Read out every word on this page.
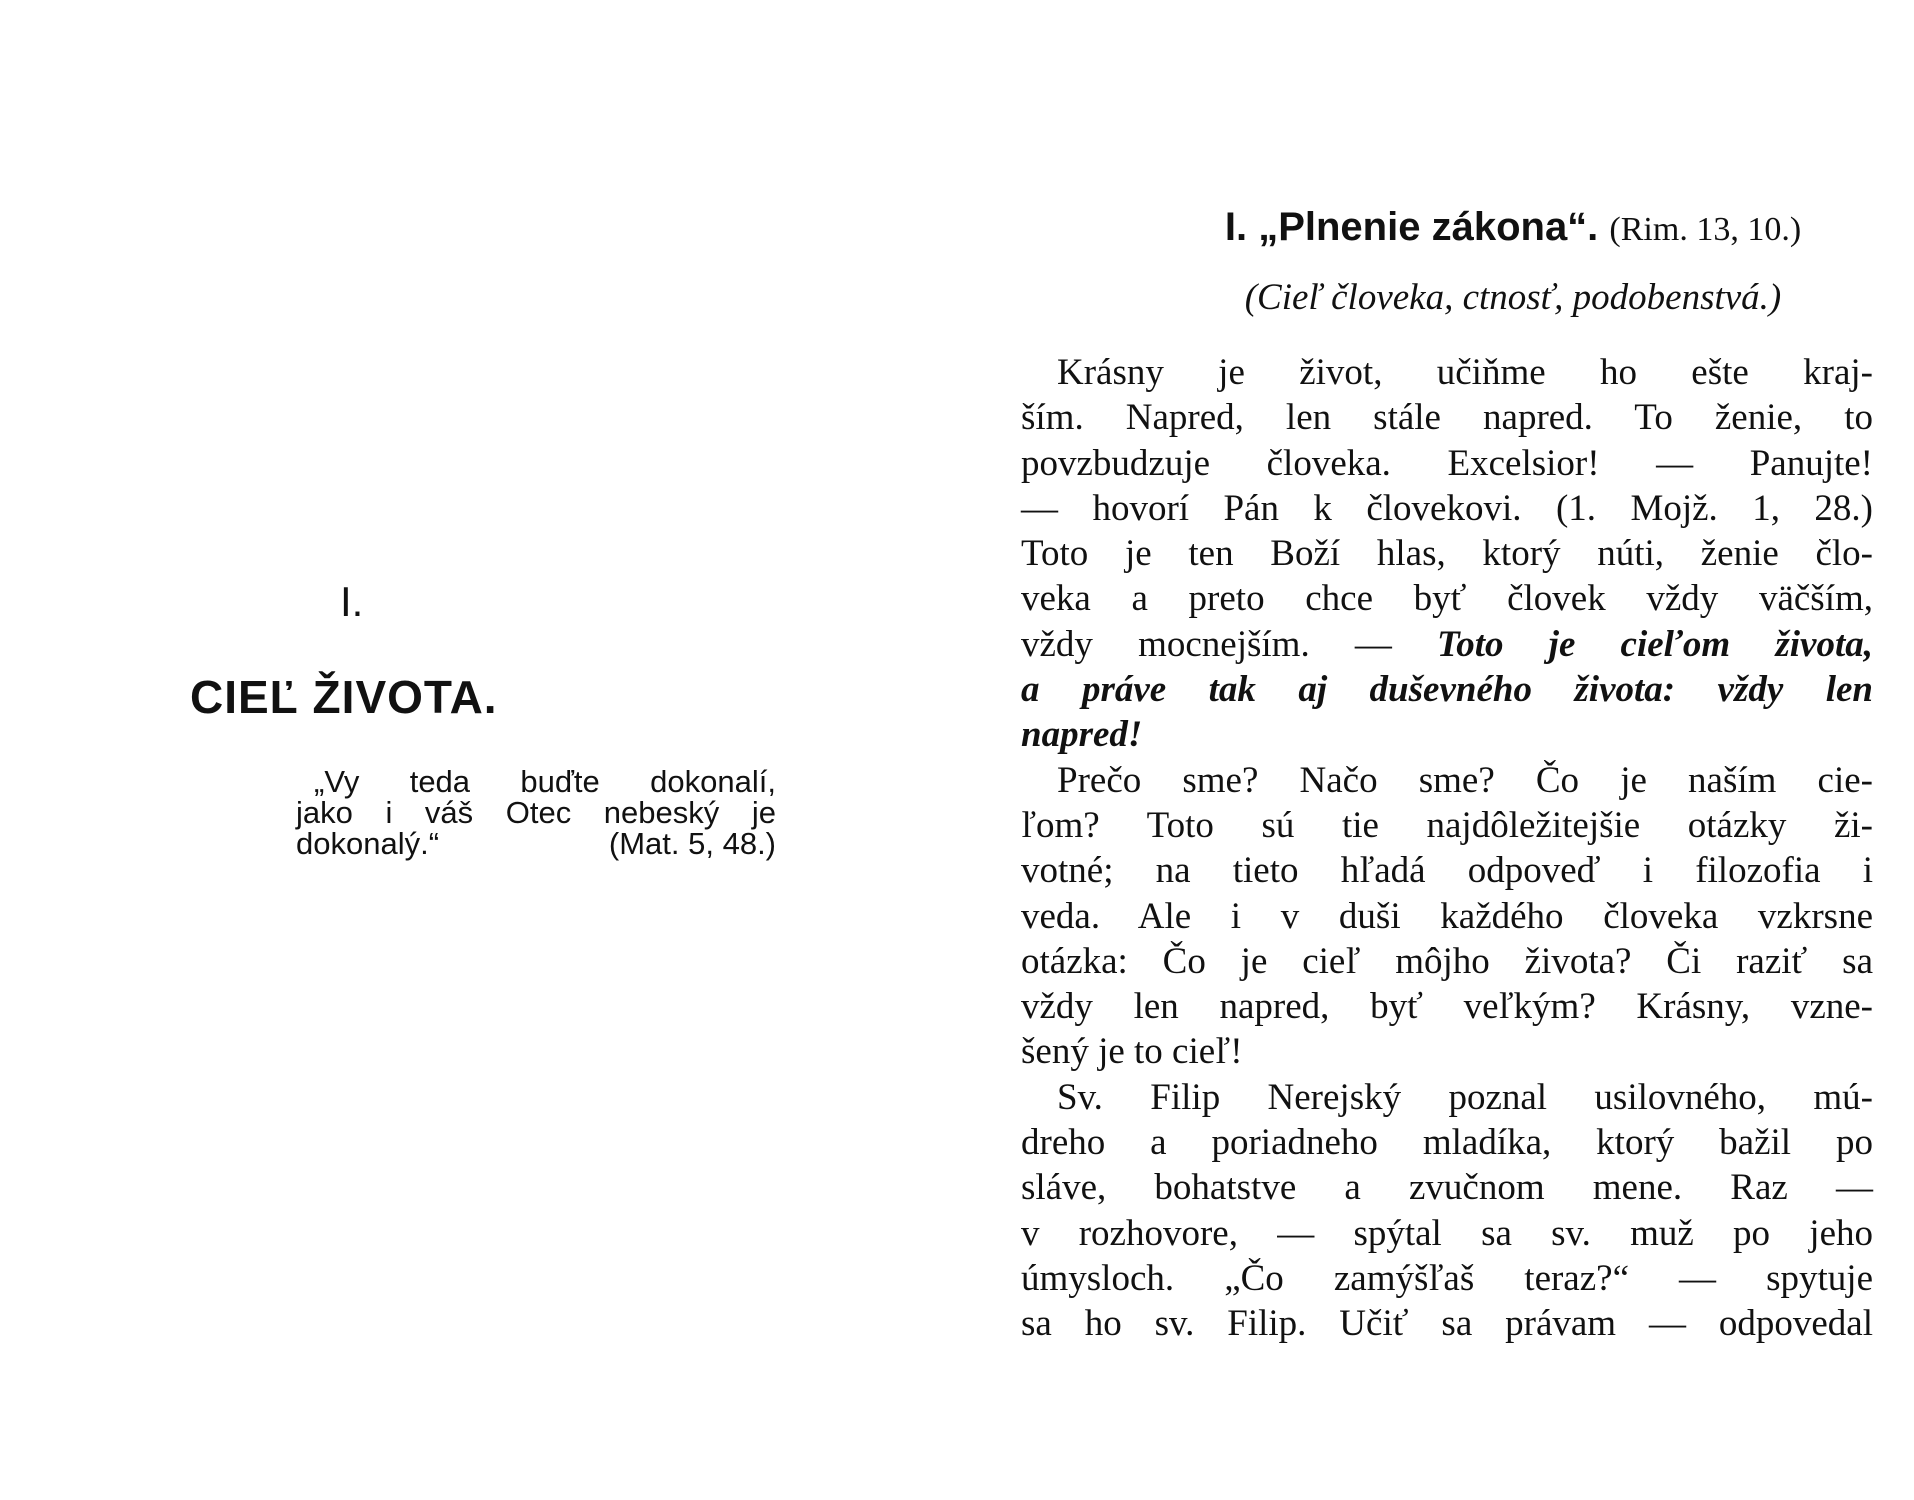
I.
CIEĽ ŽIVOTA.
„Vy teda buďte dokonalí,
jako i váš Otec nebeský je
dokonalý.“	(Mat. 5, 48.)
I. „Plnenie zákona“. (Rim. 13, 10.)
(Cieľ človeka, ctnosť, podobenstvá.)
Krásny je život, učiňme ho ešte kraj-
ším. Napred, len stále napred. To ženie, to
povzbudzuje človeka. Excelsior! — Panujte!
— hovorí Pán k človekovi. (1. Mojž. 1, 28.)
Toto je ten Boží hlas, ktorý núti, ženie člo-
veka a preto chce byť človek vždy väčším,
vždy mocnejším. — Toto je cieľom života,
a práve tak aj duševného života: vždy len
napred!
Prečo sme? Načo sme? Čo je naším cie-
ľom? Toto sú tie najdôležitejšie otázky ži-
votné; na tieto hľadá odpoveď i filozofia i
veda. Ale i v duši každého človeka vzkrsne
otázka: Čo je cieľ môjho života? Či raziť sa
vždy len napred, byť veľkým? Krásny, vzne-
šený je to cieľ!
Sv. Filip Nerejský poznal usilovného, mú-
dreho a poriadneho mladíka, ktorý bažil po
sláve, bohatstve a zvučnom mene. Raz —
v rozhovore, — spýtal sa sv. muž po jeho
úmysloch. „Čo zamýšľaš teraz?“ — spytuje
sa ho sv. Filip. Učiť sa právam — odpovedal
